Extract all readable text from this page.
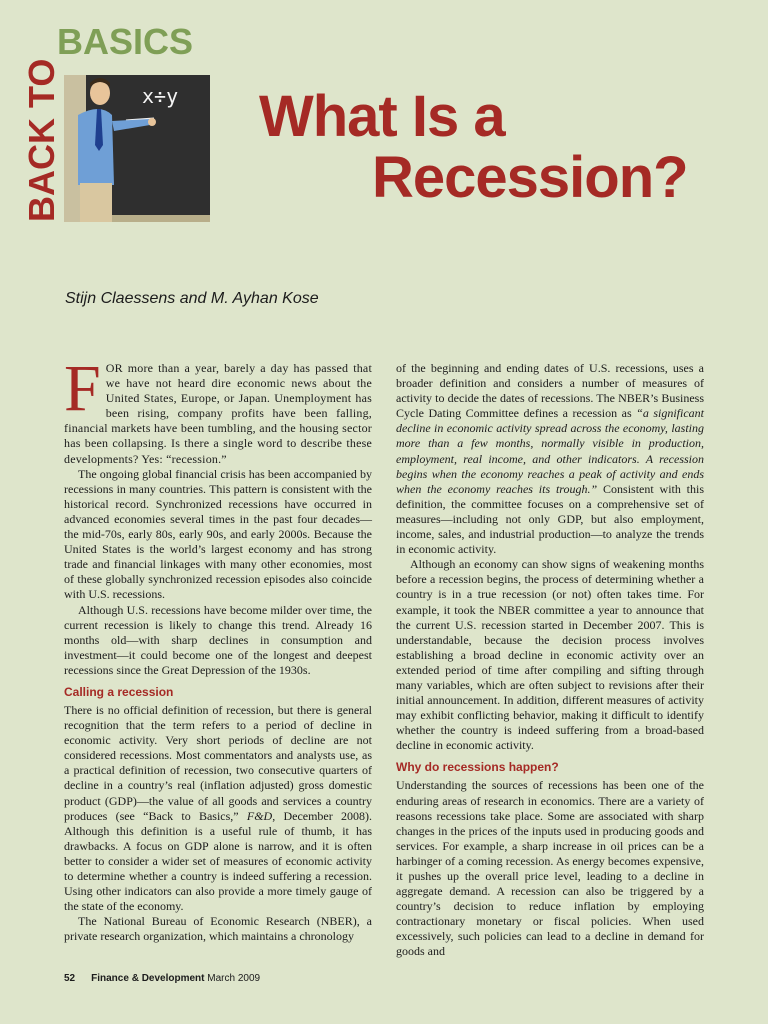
BACK TO
BASICS
x÷y What Is a
Recession?
Stijn Claessens and M. Ayhan Kose

FOR more than a year, barely a day has passed that we have not heard dire economic news about the United States, Europe, or Japan. Unemployment has been rising, company profits have been falling, financial markets have been tumbling, and the housing sector has been collapsing. Is there a single word to describe these developments? Yes: “recession.”

The ongoing global financial crisis has been accompanied by recessions in many countries. This pattern is consistent with the historical record. Synchronized recessions have occurred in advanced economies several times in the past four decades—the mid-70s, early 80s, early 90s, and early 2000s. Because the United States is the world’s largest economy and has strong trade and financial linkages with many other economies, most of these globally synchronized recession episodes also coincide with U.S. recessions.

Although U.S. recessions have become milder over time, the current recession is likely to change this trend. Already 16 months old—with sharp declines in consumption and investment—it could become one of the longest and deepest recessions since the Great Depression of the 1930s.

Calling a recession

There is no official definition of recession, but there is general recognition that the term refers to a period of decline in economic activity. Very short periods of decline are not considered recessions. Most commentators and analysts use, as a practical definition of recession, two consecutive quarters of decline in a country’s real (inflation adjusted) gross domestic product (GDP)—the value of all goods and services a country produces (see “Back to Basics,” F&D, December 2008). Although this definition is a useful rule of thumb, it has drawbacks. A focus on GDP alone is narrow, and it is often better to consider a wider set of measures of economic activity to determine whether a country is indeed suffering a recession. Using other indicators can also provide a more timely gauge of the state of the economy.

The National Bureau of Economic Research (NBER), a private research organization, which maintains a chronology

of the beginning and ending dates of U.S. recessions, uses a broader definition and considers a number of measures of activity to decide the dates of recessions. The NBER’s Business Cycle Dating Committee defines a recession as “a significant decline in economic activity spread across the economy, lasting more than a few months, normally visible in production, employment, real income, and other indicators. A recession begins when the economy reaches a peak of activity and ends when the economy reaches its trough.” Consistent with this definition, the committee focuses on a comprehensive set of measures—including not only GDP, but also employment, income, sales, and industrial production—to analyze the trends in economic activity.

Although an economy can show signs of weakening months before a recession begins, the process of determining whether a country is in a true recession (or not) often takes time. For example, it took the NBER committee a year to announce that the current U.S. recession started in December 2007. This is understandable, because the decision process involves establishing a broad decline in economic activity over an extended period of time after compiling and sifting through many variables, which are often subject to revisions after their initial announcement. In addition, different measures of activity may exhibit conflicting behavior, making it difficult to identify whether the country is indeed suffering from a broad-based decline in economic activity.

Why do recessions happen?

Understanding the sources of recessions has been one of the enduring areas of research in economics. There are a variety of reasons recessions take place. Some are associated with sharp changes in the prices of the inputs used in producing goods and services. For example, a sharp increase in oil prices can be a harbinger of a coming recession. As energy becomes expensive, it pushes up the overall price level, leading to a decline in aggregate demand. A recession can also be triggered by a country’s decision to reduce inflation by employing contractionary monetary or fiscal policies. When used excessively, such policies can lead to a decline in demand for goods and

52 Finance & Development March 2009
